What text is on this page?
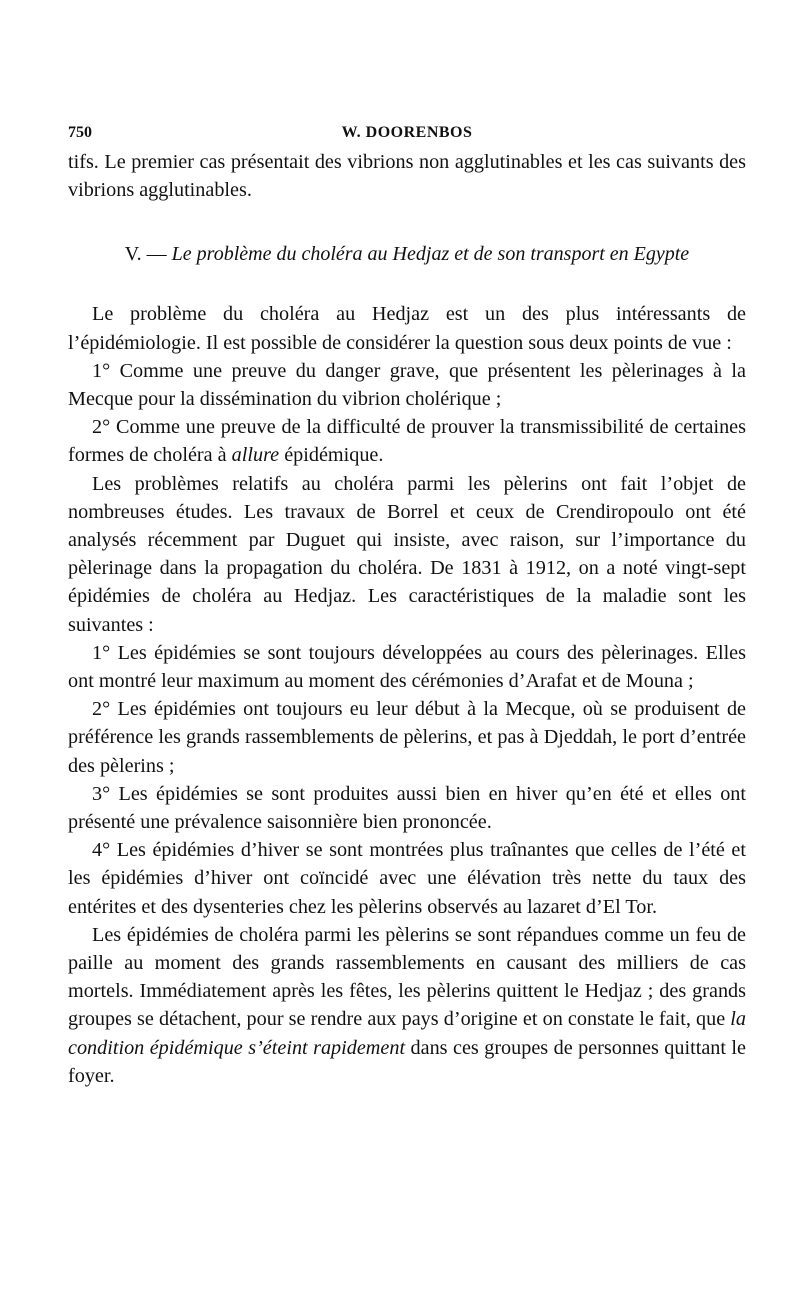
750	W. DOORENBOS

tifs. Le premier cas présentait des vibrions non agglutinables et les cas suivants des vibrions agglutinables.

V. — Le problème du choléra au Hedjaz et de son transport en Egypte

Le problème du choléra au Hedjaz est un des plus intéressants de l’épidémiologie. Il est possible de considérer la question sous deux points de vue :

1° Comme une preuve du danger grave, que présentent les pèlerinages à la Mecque pour la dissémination du vibrion cholérique ;

2° Comme une preuve de la difficulté de prouver la transmissibilité de certaines formes de choléra à allure épidémique.

Les problèmes relatifs au choléra parmi les pèlerins ont fait l’objet de nombreuses études. Les travaux de Borrel et ceux de Crendiropoulo ont été analysés récemment par Duguet qui insiste, avec raison, sur l’importance du pèlerinage dans la propagation du choléra. De 1831 à 1912, on a noté vingt-sept épidémies de choléra au Hedjaz. Les caractéristiques de la maladie sont les suivantes :

1° Les épidémies se sont toujours développées au cours des pèlerinages. Elles ont montré leur maximum au moment des cérémonies d’Arafat et de Mouna ;

2° Les épidémies ont toujours eu leur début à la Mecque, où se produisent de préférence les grands rassemblements de pèlerins, et pas à Djeddah, le port d’entrée des pèlerins ;

3° Les épidémies se sont produites aussi bien en hiver qu’en été et elles ont présenté une prévalence saisonnière bien prononcée.

4° Les épidémies d’hiver se sont montrées plus traînantes que celles de l’été et les épidémies d’hiver ont coïncidé avec une élévation très nette du taux des entérites et des dysenteries chez les pèlerins observés au lazaret d’El Tor.

Les épidémies de choléra parmi les pèlerins se sont répandues comme un feu de paille au moment des grands rassemblements en causant des milliers de cas mortels. Immédiatement après les fêtes, les pèlerins quittent le Hedjaz ; des grands groupes se détachent, pour se rendre aux pays d’origine et on constate le fait, que la condition épidémique s’éteint rapidement dans ces groupes de personnes quittant le foyer.
